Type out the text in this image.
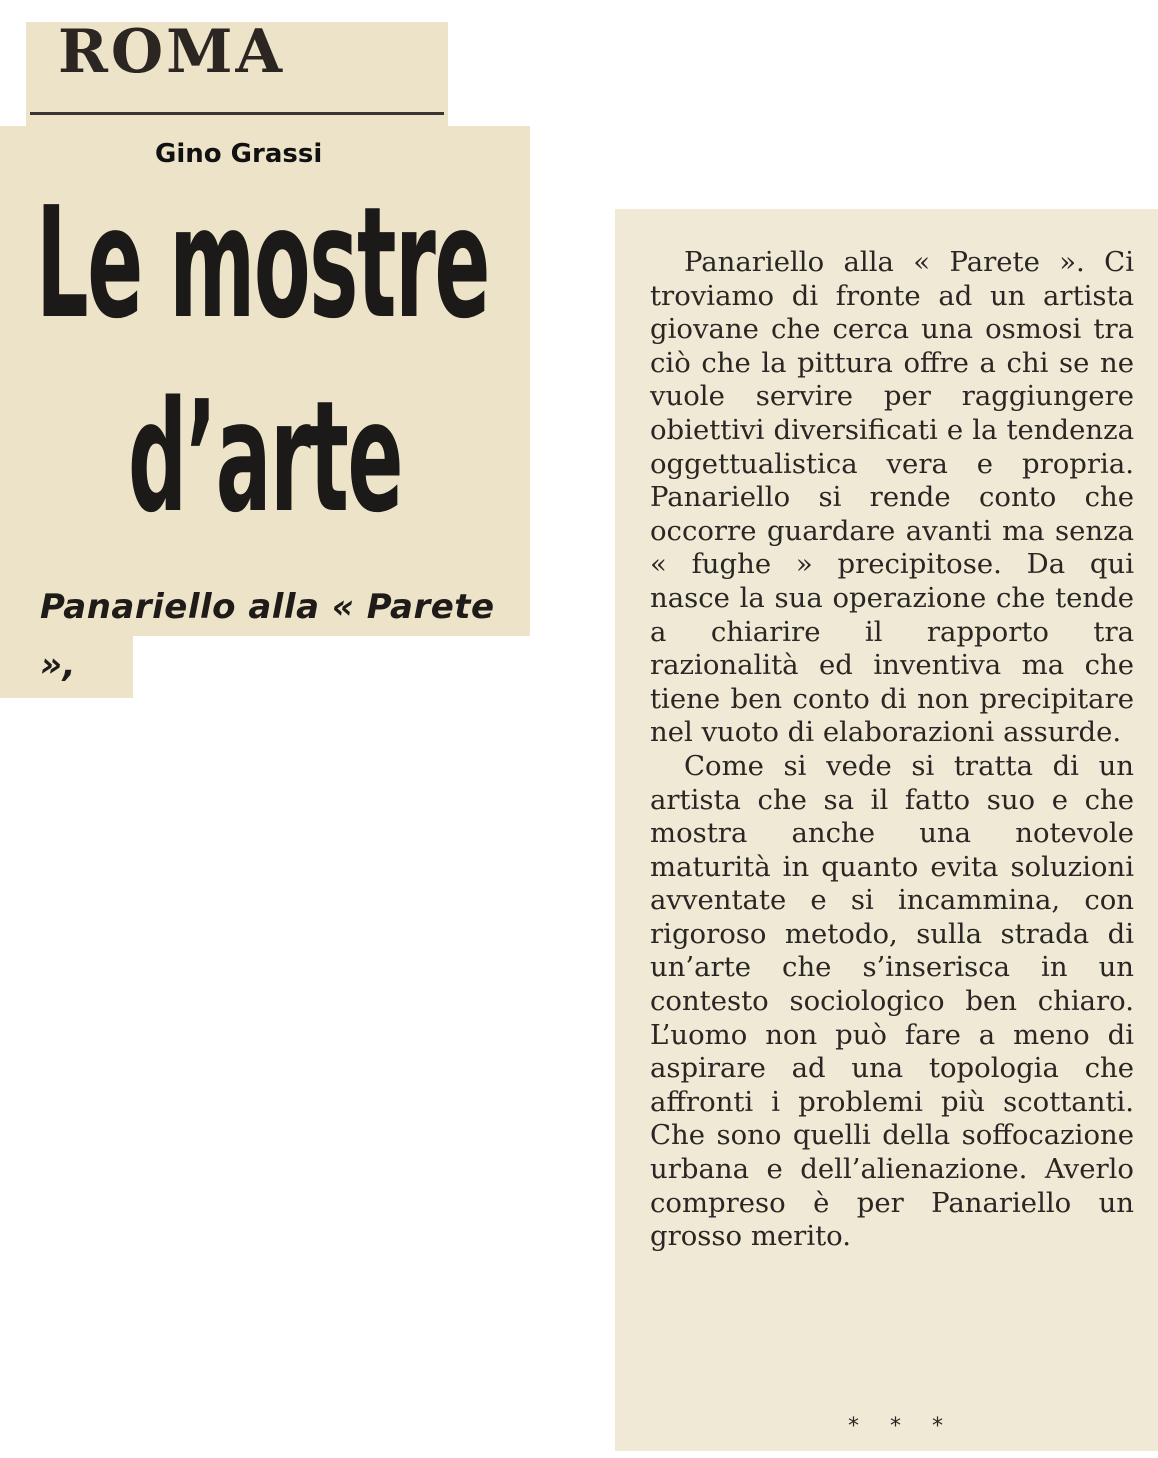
ROMA
Gino Grassi
Le mostre
d’arte
Panariello alla « Parete »,

Panariello alla « Parete ». Ci troviamo di fronte ad un artista giovane che cerca una osmosi tra ciò che la pittura offre a chi se ne vuole servire per raggiungere obiettivi diversificati e la tendenza oggettualistica vera e propria. Panariello si rende conto che occorre guardare avanti ma senza « fughe » precipitose. Da qui nasce la sua operazione che tende a chiarire il rapporto tra razionalità ed inventiva ma che tiene ben conto di non precipitare nel vuoto di elaborazioni assurde.

Come si vede si tratta di un artista che sa il fatto suo e che mostra anche una notevole maturità in quanto evita soluzioni avventate e si incammina, con rigoroso metodo, sulla strada di un’arte che s’inserisca in un contesto sociologico ben chiaro. L’uomo non può fare a meno di aspirare ad una topologia che affronti i problemi più scottanti. Che sono quelli della soffocazione urbana e dell’alienazione. Averlo compreso è per Panariello un grosso merito.

* * *
